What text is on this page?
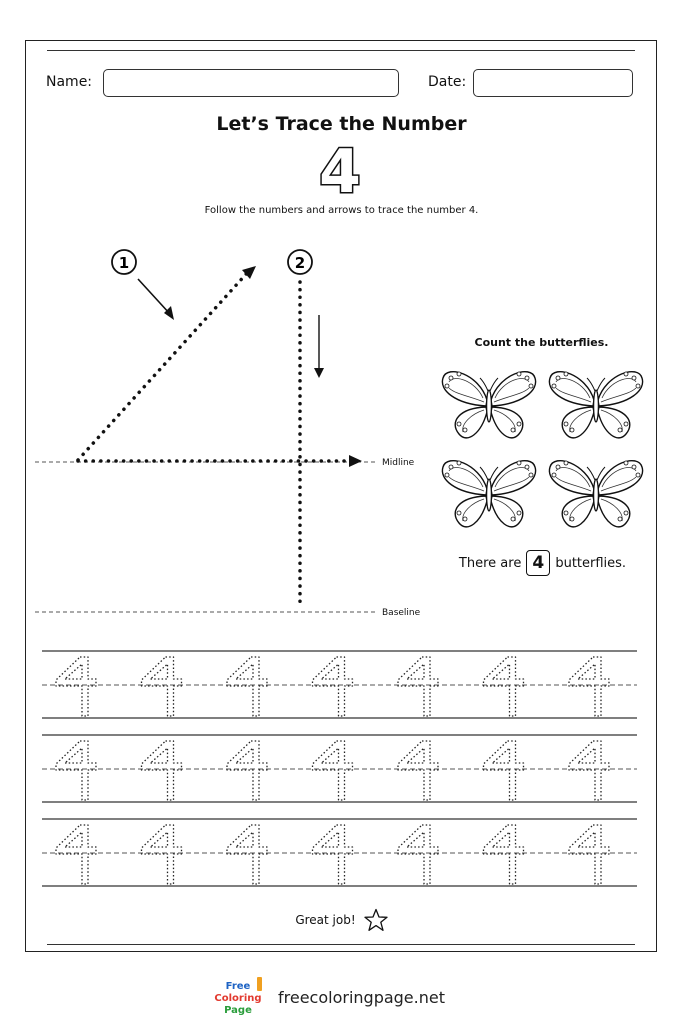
Name:	Date:
Let’s Trace the Number
4
Follow the numbers and arrows to trace the number 4.
1	2
Midline
Baseline
Count the butterflies.
There are 4 butterflies.
Great job!
Free
Coloring
Page
freecoloringpage.net
